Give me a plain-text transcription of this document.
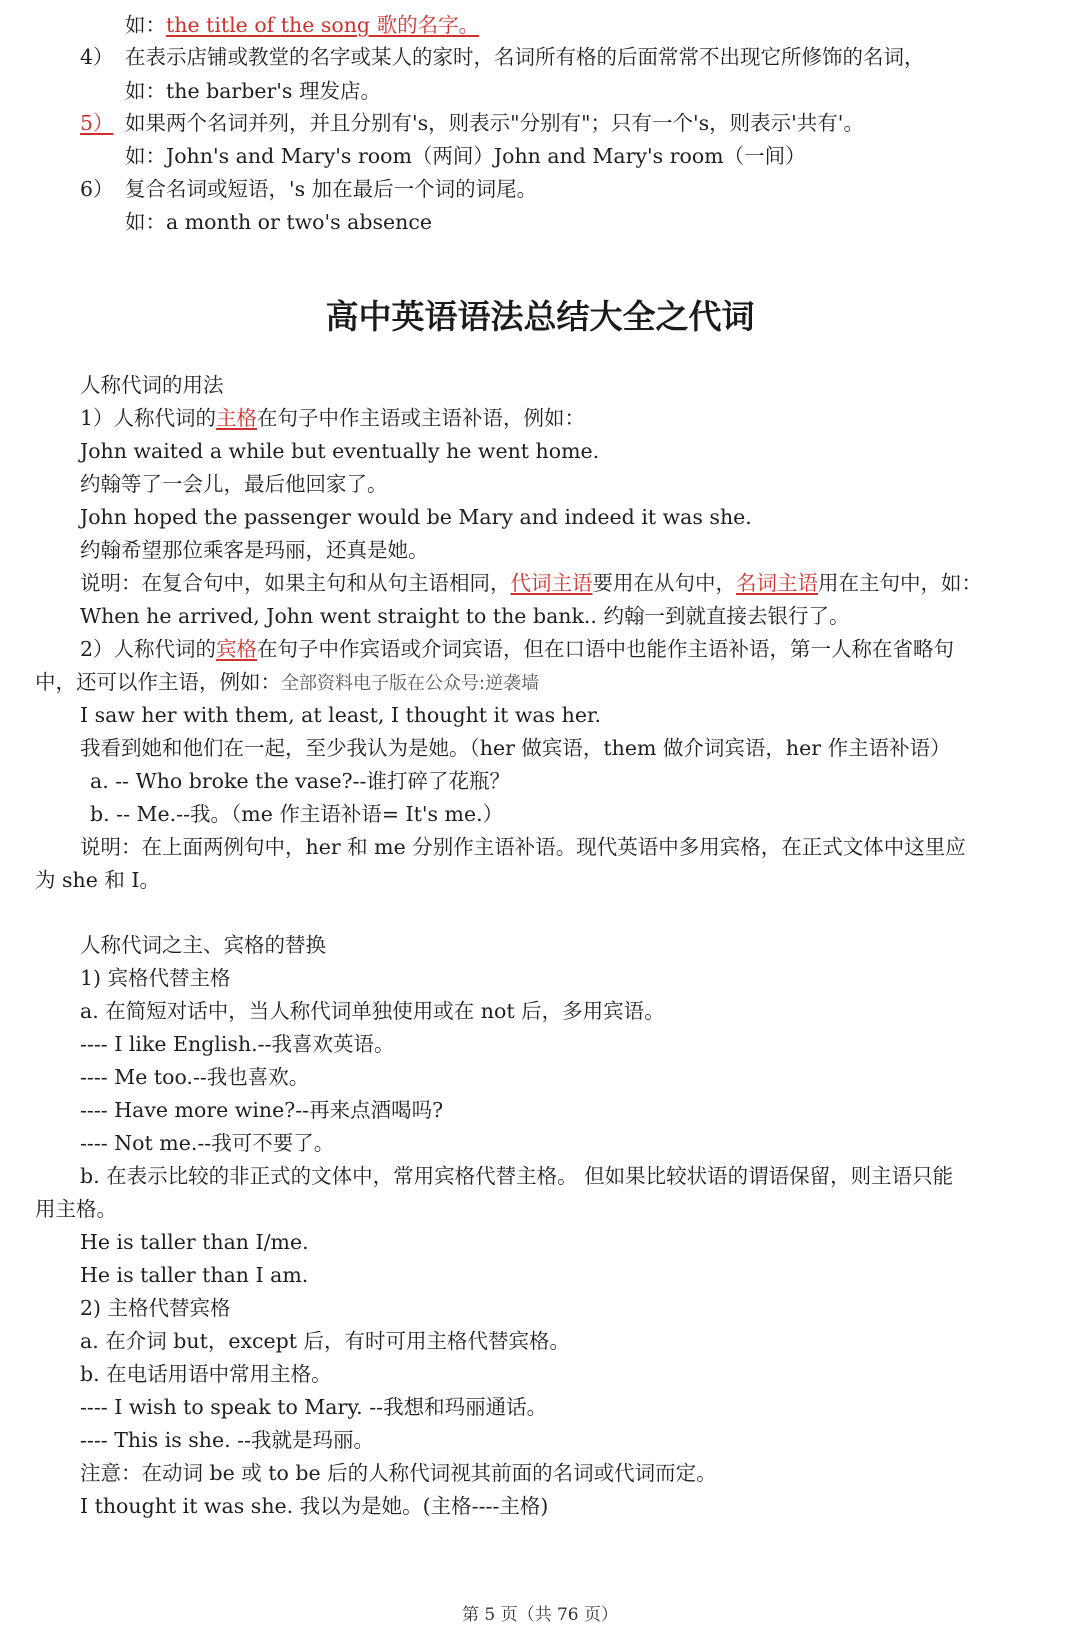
如：the title of the song 歌的名字。
4） 在表示店铺或教堂的名字或某人的家时，名词所有格的后面常常不出现它所修饰的名词，
如：the barber's 理发店。
5） 如果两个名词并列，并且分别有's，则表示"分别有"；只有一个's，则表示'共有'。
如：John's and Mary's room（两间）John and Mary's room（一间）
6） 复合名词或短语，'s 加在最后一个词的词尾。
如：a month or two's absence
高中英语语法总结大全之代词
人称代词的用法
1）人称代词的主格在句子中作主语或主语补语，例如：
John waited a while but eventually he went home.
约翰等了一会儿，最后他回家了。
John hoped the passenger would be Mary and indeed it was she.
约翰希望那位乘客是玛丽，还真是她。
说明：在复合句中，如果主句和从句主语相同，代词主语要用在从句中，名词主语用在主句中，如：
When he arrived, John went straight to the bank.. 约翰一到就直接去银行了。
2）人称代词的宾格在句子中作宾语或介词宾语，但在口语中也能作主语补语，第一人称在省略句
中，还可以作主语，例如：全部资料电子版在公众号:逆袭墙
I saw her with them, at least, I thought it was her.
我看到她和他们在一起，至少我认为是她。（her 做宾语，them 做介词宾语，her 作主语补语）
a. -- Who broke the vase?--谁打碎了花瓶？
b. -- Me.--我。（me 作主语补语= It's me.）
说明：在上面两例句中，her 和 me 分别作主语补语。现代英语中多用宾格，在正式文体中这里应
为 she 和 I。
人称代词之主、宾格的替换
1) 宾格代替主格
a. 在简短对话中，当人称代词单独使用或在 not 后，多用宾语。
---- I like English.--我喜欢英语。
---- Me too.--我也喜欢。
---- Have more wine?--再来点酒喝吗?
---- Not me.--我可不要了。
b. 在表示比较的非正式的文体中，常用宾格代替主格。 但如果比较状语的谓语保留，则主语只能
用主格。
He is taller than I/me.
He is taller than I am.
2) 主格代替宾格
a. 在介词 but，except 后，有时可用主格代替宾格。
b. 在电话用语中常用主格。
---- I wish to speak to Mary. --我想和玛丽通话。
---- This is she. --我就是玛丽。
注意：在动词 be 或 to be 后的人称代词视其前面的名词或代词而定。
I thought it was she. 我以为是她。(主格----主格)
第 5 页（共 76 页）
